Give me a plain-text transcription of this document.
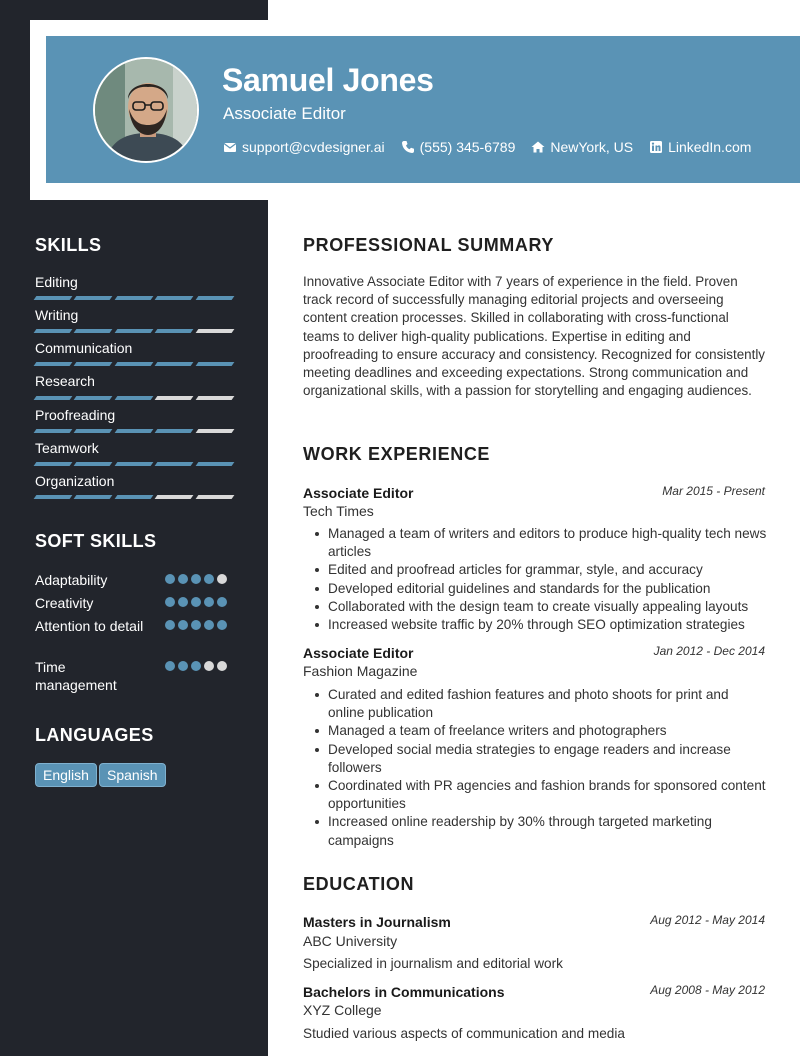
Samuel Jones
Associate Editor
support@cvdesigner.ai	(555) 345-6789	NewYork, US	LinkedIn.com
SKILLS
Editing
Writing
Communication
Research
Proofreading
Teamwork
Organization
SOFT SKILLS
Adaptability
Creativity
Attention to detail
Time management
LANGUAGES
English	Spanish
PROFESSIONAL SUMMARY
Innovative Associate Editor with 7 years of experience in the field. Proven track record of successfully managing editorial projects and overseeing content creation processes. Skilled in collaborating with cross-functional teams to deliver high-quality publications. Expertise in editing and proofreading to ensure accuracy and consistency. Recognized for consistently meeting deadlines and exceeding expectations. Strong communication and organizational skills, with a passion for storytelling and engaging audiences.
WORK EXPERIENCE
Associate Editor	Mar 2015 - Present
Tech Times
Managed a team of writers and editors to produce high-quality tech news articles
Edited and proofread articles for grammar, style, and accuracy
Developed editorial guidelines and standards for the publication
Collaborated with the design team to create visually appealing layouts
Increased website traffic by 20% through SEO optimization strategies
Associate Editor	Jan 2012 - Dec 2014
Fashion Magazine
Curated and edited fashion features and photo shoots for print and online publication
Managed a team of freelance writers and photographers
Developed social media strategies to engage readers and increase followers
Coordinated with PR agencies and fashion brands for sponsored content opportunities
Increased online readership by 30% through targeted marketing campaigns
EDUCATION
Masters in Journalism	Aug 2012 - May 2014
ABC University
Specialized in journalism and editorial work
Bachelors in Communications	Aug 2008 - May 2012
XYZ College
Studied various aspects of communication and media
